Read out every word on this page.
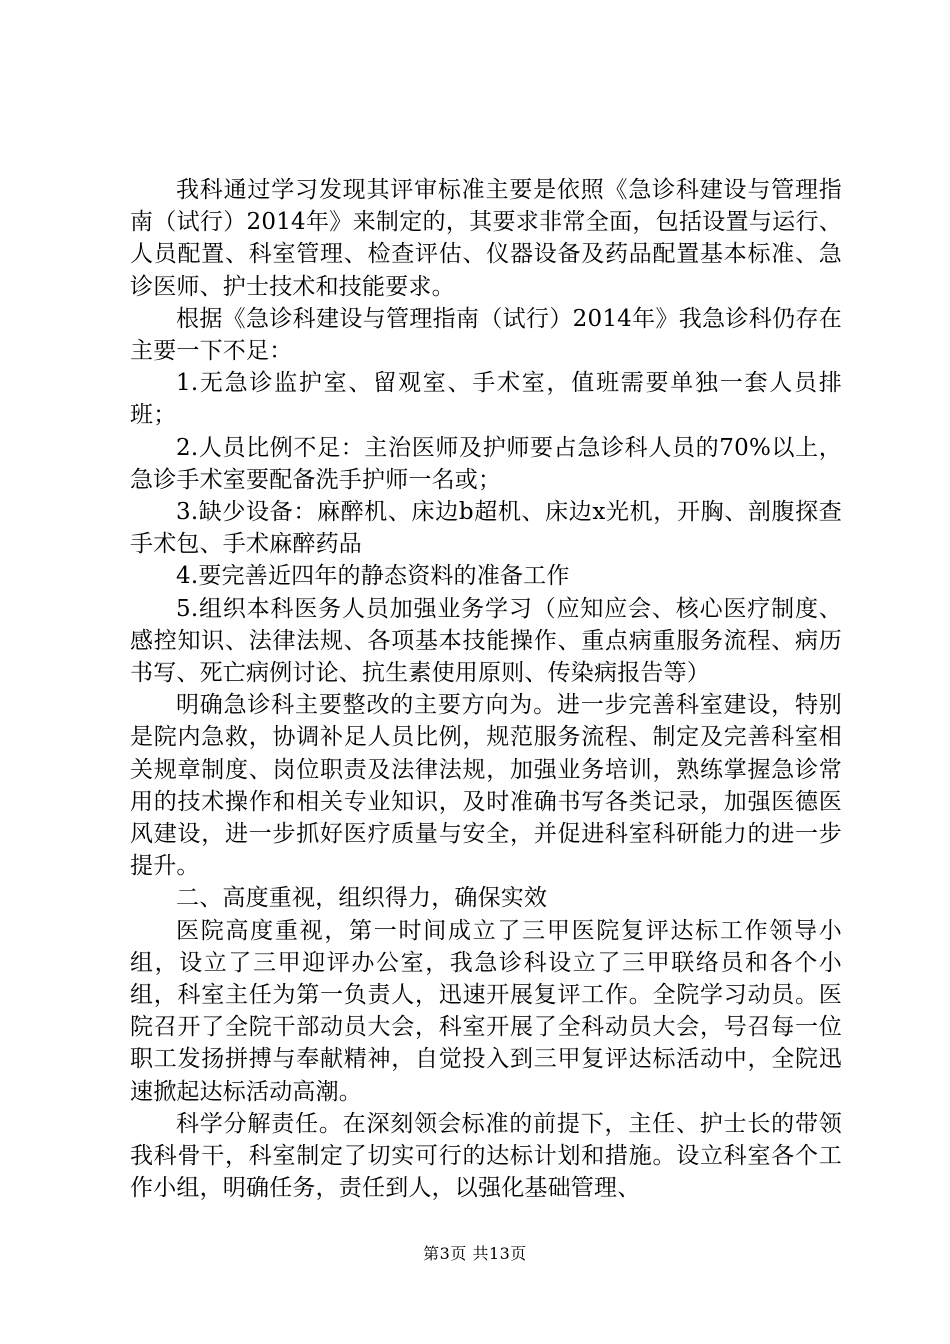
我科通过学习发现其评审标准主要是依照《急诊科建设与管理指南（试行）2014年》来制定的，其要求非常全面，包括设置与运行、人员配置、科室管理、检查评估、仪器设备及药品配置基本标准、急诊医师、护士技术和技能要求。

根据《急诊科建设与管理指南（试行）2014年》我急诊科仍存在主要一下不足：

1.无急诊监护室、留观室、手术室，值班需要单独一套人员排班；

2.人员比例不足：主治医师及护师要占急诊科人员的70%以上，急诊手术室要配备洗手护师一名或；

3.缺少设备：麻醉机、床边b超机、床边x光机，开胸、剖腹探查手术包、手术麻醉药品

4.要完善近四年的静态资料的准备工作

5.组织本科医务人员加强业务学习（应知应会、核心医疗制度、感控知识、法律法规、各项基本技能操作、重点病重服务流程、病历书写、死亡病例讨论、抗生素使用原则、传染病报告等）

明确急诊科主要整改的主要方向为。进一步完善科室建设，特别是院内急救，协调补足人员比例，规范服务流程、制定及完善科室相关规章制度、岗位职责及法律法规，加强业务培训，熟练掌握急诊常用的技术操作和相关专业知识，及时准确书写各类记录，加强医德医风建设，进一步抓好医疗质量与安全，并促进科室科研能力的进一步提升。

二、高度重视，组织得力，确保实效

医院高度重视，第一时间成立了三甲医院复评达标工作领导小组，设立了三甲迎评办公室，我急诊科设立了三甲联络员和各个小组，科室主任为第一负责人，迅速开展复评工作。全院学习动员。医院召开了全院干部动员大会，科室开展了全科动员大会，号召每一位职工发扬拼搏与奉献精神，自觉投入到三甲复评达标活动中，全院迅速掀起达标活动高潮。

科学分解责任。在深刻领会标准的前提下，主任、护士长的带领我科骨干，科室制定了切实可行的达标计划和措施。设立科室各个工作小组，明确任务，责任到人，以强化基础管理、

第3页 共13页
